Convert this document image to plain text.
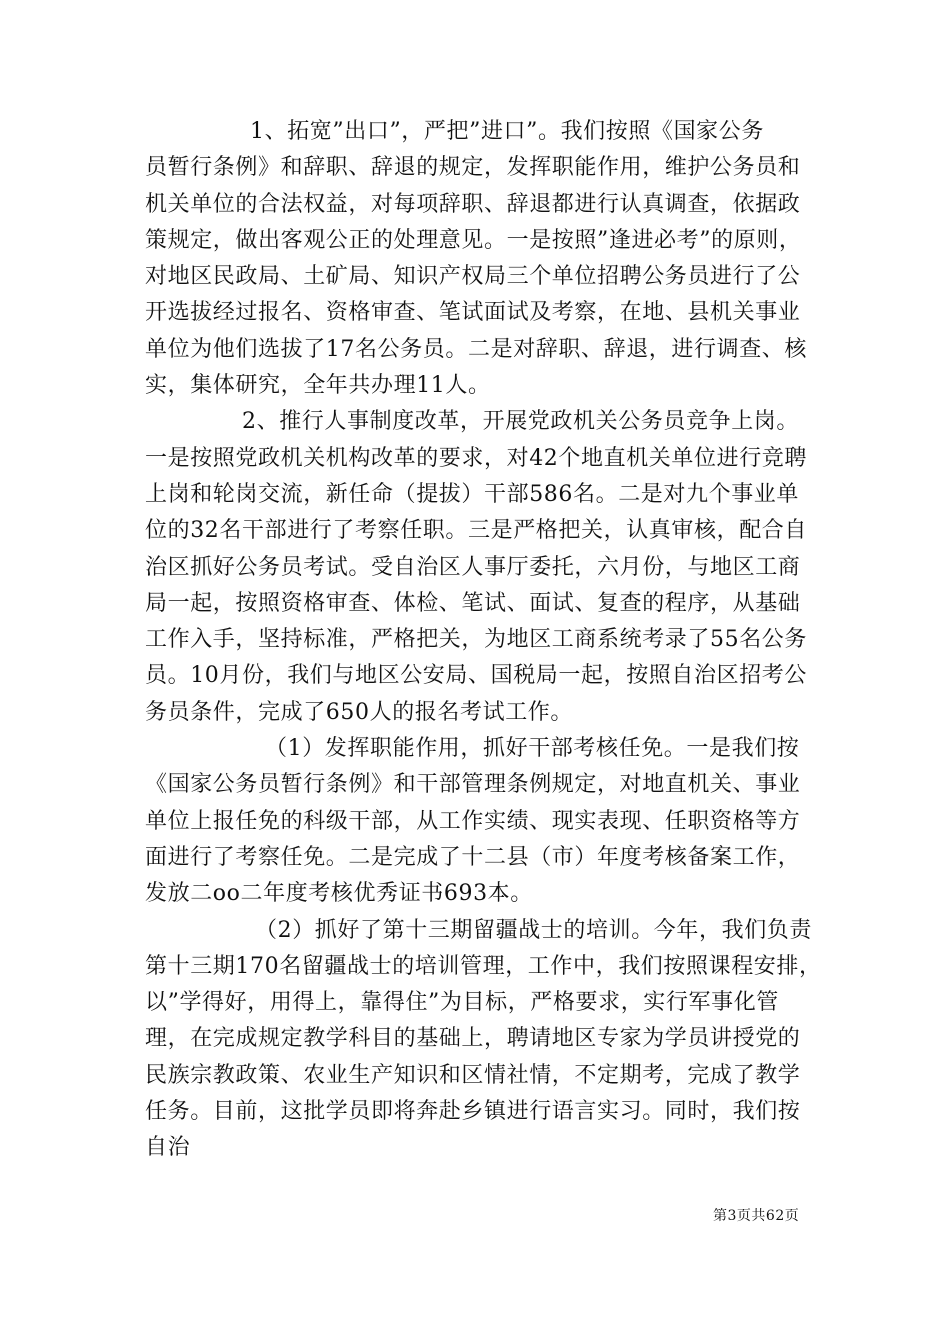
1、拓宽”出口”，严把”进口”。我们按照《国家公务
员暂行条例》和辞职、辞退的规定，发挥职能作用，维护公务员和
机关单位的合法权益，对每项辞职、辞退都进行认真调查，依据政
策规定，做出客观公正的处理意见。一是按照”逢进必考”的原则，
对地区民政局、土矿局、知识产权局三个单位招聘公务员进行了公
开选拔经过报名、资格审查、笔试面试及考察，在地、县机关事业
单位为他们选拔了17名公务员。二是对辞职、辞退，进行调查、核
实，集体研究，全年共办理11人。

2、推行人事制度改革，开展党政机关公务员竞争上岗。
一是按照党政机关机构改革的要求，对42个地直机关单位进行竞聘
上岗和轮岗交流，新任命（提拔）干部586名。二是对九个事业单
位的32名干部进行了考察任职。三是严格把关，认真审核，配合自
治区抓好公务员考试。受自治区人事厅委托，六月份，与地区工商
局一起，按照资格审查、体检、笔试、面试、复查的程序，从基础
工作入手，坚持标准，严格把关，为地区工商系统考录了55名公务
员。10月份，我们与地区公安局、国税局一起，按照自治区招考公
务员条件，完成了650人的报名考试工作。

（1）发挥职能作用，抓好干部考核任免。一是我们按
《国家公务员暂行条例》和干部管理条例规定，对地直机关、事业
单位上报任免的科级干部，从工作实绩、现实表现、任职资格等方
面进行了考察任免。二是完成了十二县（市）年度考核备案工作，
发放二oo二年度考核优秀证书693本。

（2）抓好了第十三期留疆战士的培训。今年，我们负责
第十三期170名留疆战士的培训管理，工作中，我们按照课程安排，
以”学得好，用得上，靠得住”为目标，严格要求，实行军事化管
理，在完成规定教学科目的基础上，聘请地区专家为学员讲授党的
民族宗教政策、农业生产知识和区情社情，不定期考，完成了教学
任务。目前，这批学员即将奔赴乡镇进行语言实习。同时，我们按
自治

第3页共62页
